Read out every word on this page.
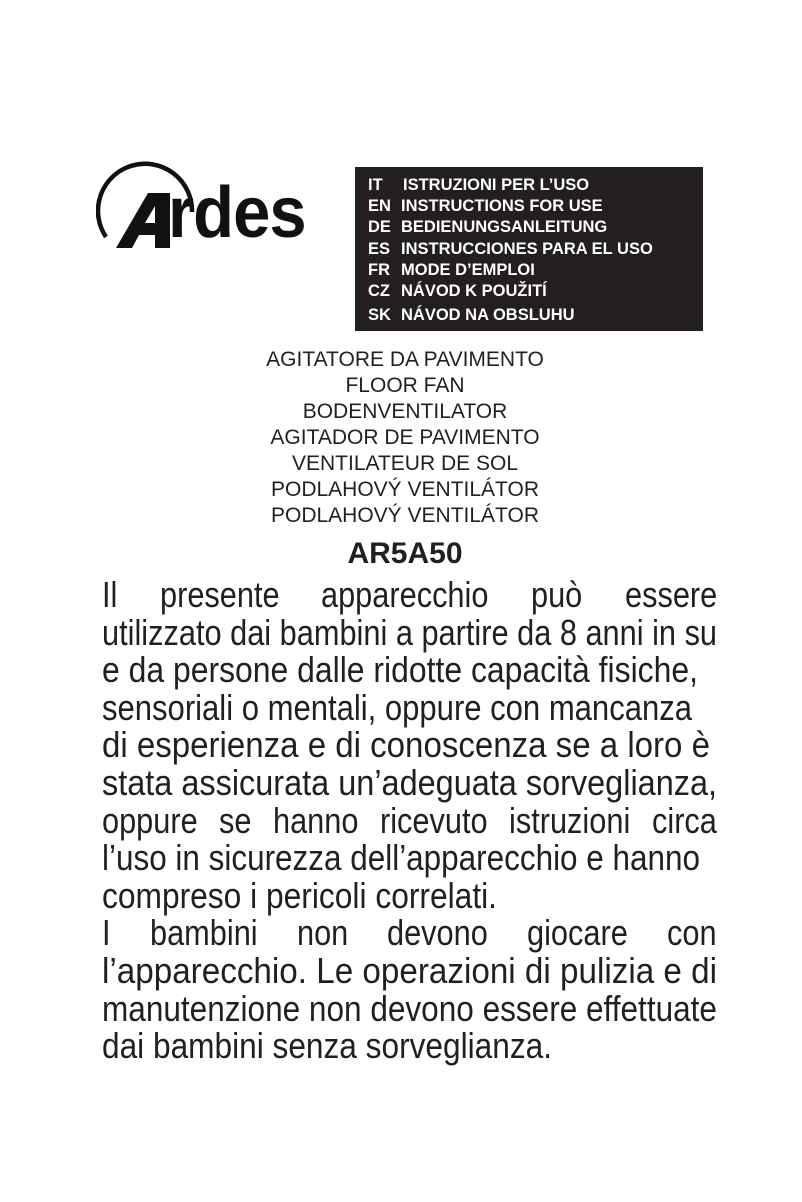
rdes	IT ISTRUZIONI PER L’USO
EN INSTRUCTIONS FOR USE
DE BEDIENUNGSANLEITUNG
ES INSTRUCCIONES PARA EL USO
FR MODE D’EMPLOI
CZ NÁVOD K POUŽITÍ
SK NÁVOD NA OBSLUHU
AGITATORE DA PAVIMENTO
FLOOR FAN
BODENVENTILATOR
AGITADOR DE PAVIMENTO
VENTILATEUR DE SOL
PODLAHOVÝ VENTILÁTOR
PODLAHOVÝ VENTILÁTOR
AR5A50
Il presente apparecchio può essere
utilizzato dai bambini a partire da 8 anni in su
e da persone dalle ridotte capacità fisiche,
sensoriali o mentali, oppure con mancanza
di esperienza e di conoscenza se a loro è
stata assicurata un’adeguata sorveglianza,
oppure se hanno ricevuto istruzioni circa
l’uso in sicurezza dell’apparecchio e hanno
compreso i pericoli correlati.
I bambini non devono giocare con
l’apparecchio. Le operazioni di pulizia e di
manutenzione non devono essere effettuate
dai bambini senza sorveglianza.
